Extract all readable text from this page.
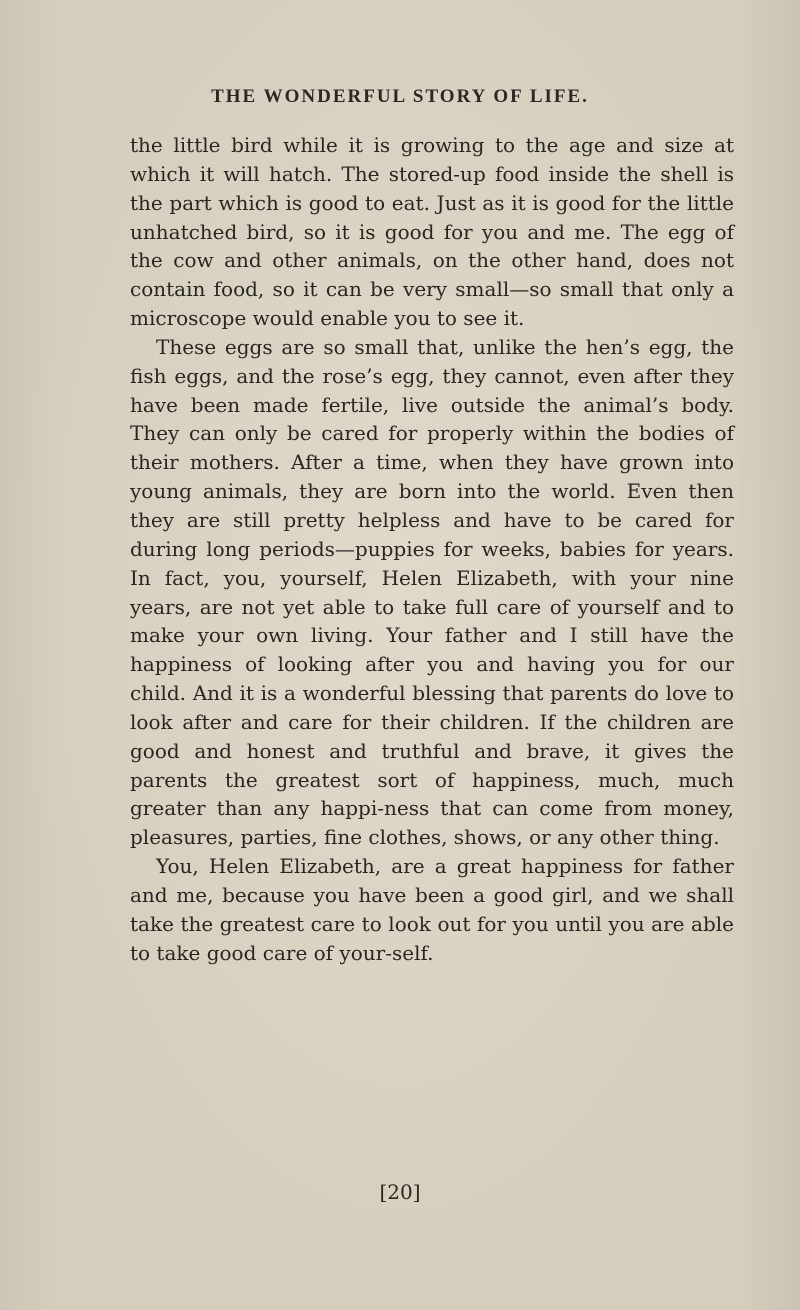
THE WONDERFUL STORY OF LIFE.

the little bird while it is growing to the age and size at which it will hatch. The stored-up food inside the shell is the part which is good to eat. Just as it is good for the little unhatched bird, so it is good for you and me. The egg of the cow and other animals, on the other hand, does not contain food, so it can be very small—so small that only a microscope would enable you to see it.

These eggs are so small that, unlike the hen’s egg, the fish eggs, and the rose’s egg, they cannot, even after they have been made fertile, live outside the animal’s body. They can only be cared for properly within the bodies of their mothers. After a time, when they have grown into young animals, they are born into the world. Even then they are still pretty helpless and have to be cared for during long periods—puppies for weeks, babies for years. In fact, you, yourself, Helen Elizabeth, with your nine years, are not yet able to take full care of yourself and to make your own living. Your father and I still have the happiness of looking after you and having you for our child. And it is a wonderful blessing that parents do love to look after and care for their children. If the children are good and honest and truthful and brave, it gives the parents the greatest sort of happiness, much, much greater than any happi-ness that can come from money, pleasures, parties, fine clothes, shows, or any other thing.

You, Helen Elizabeth, are a great happiness for father and me, because you have been a good girl, and we shall take the greatest care to look out for you until you are able to take good care of your-self.

[20]
